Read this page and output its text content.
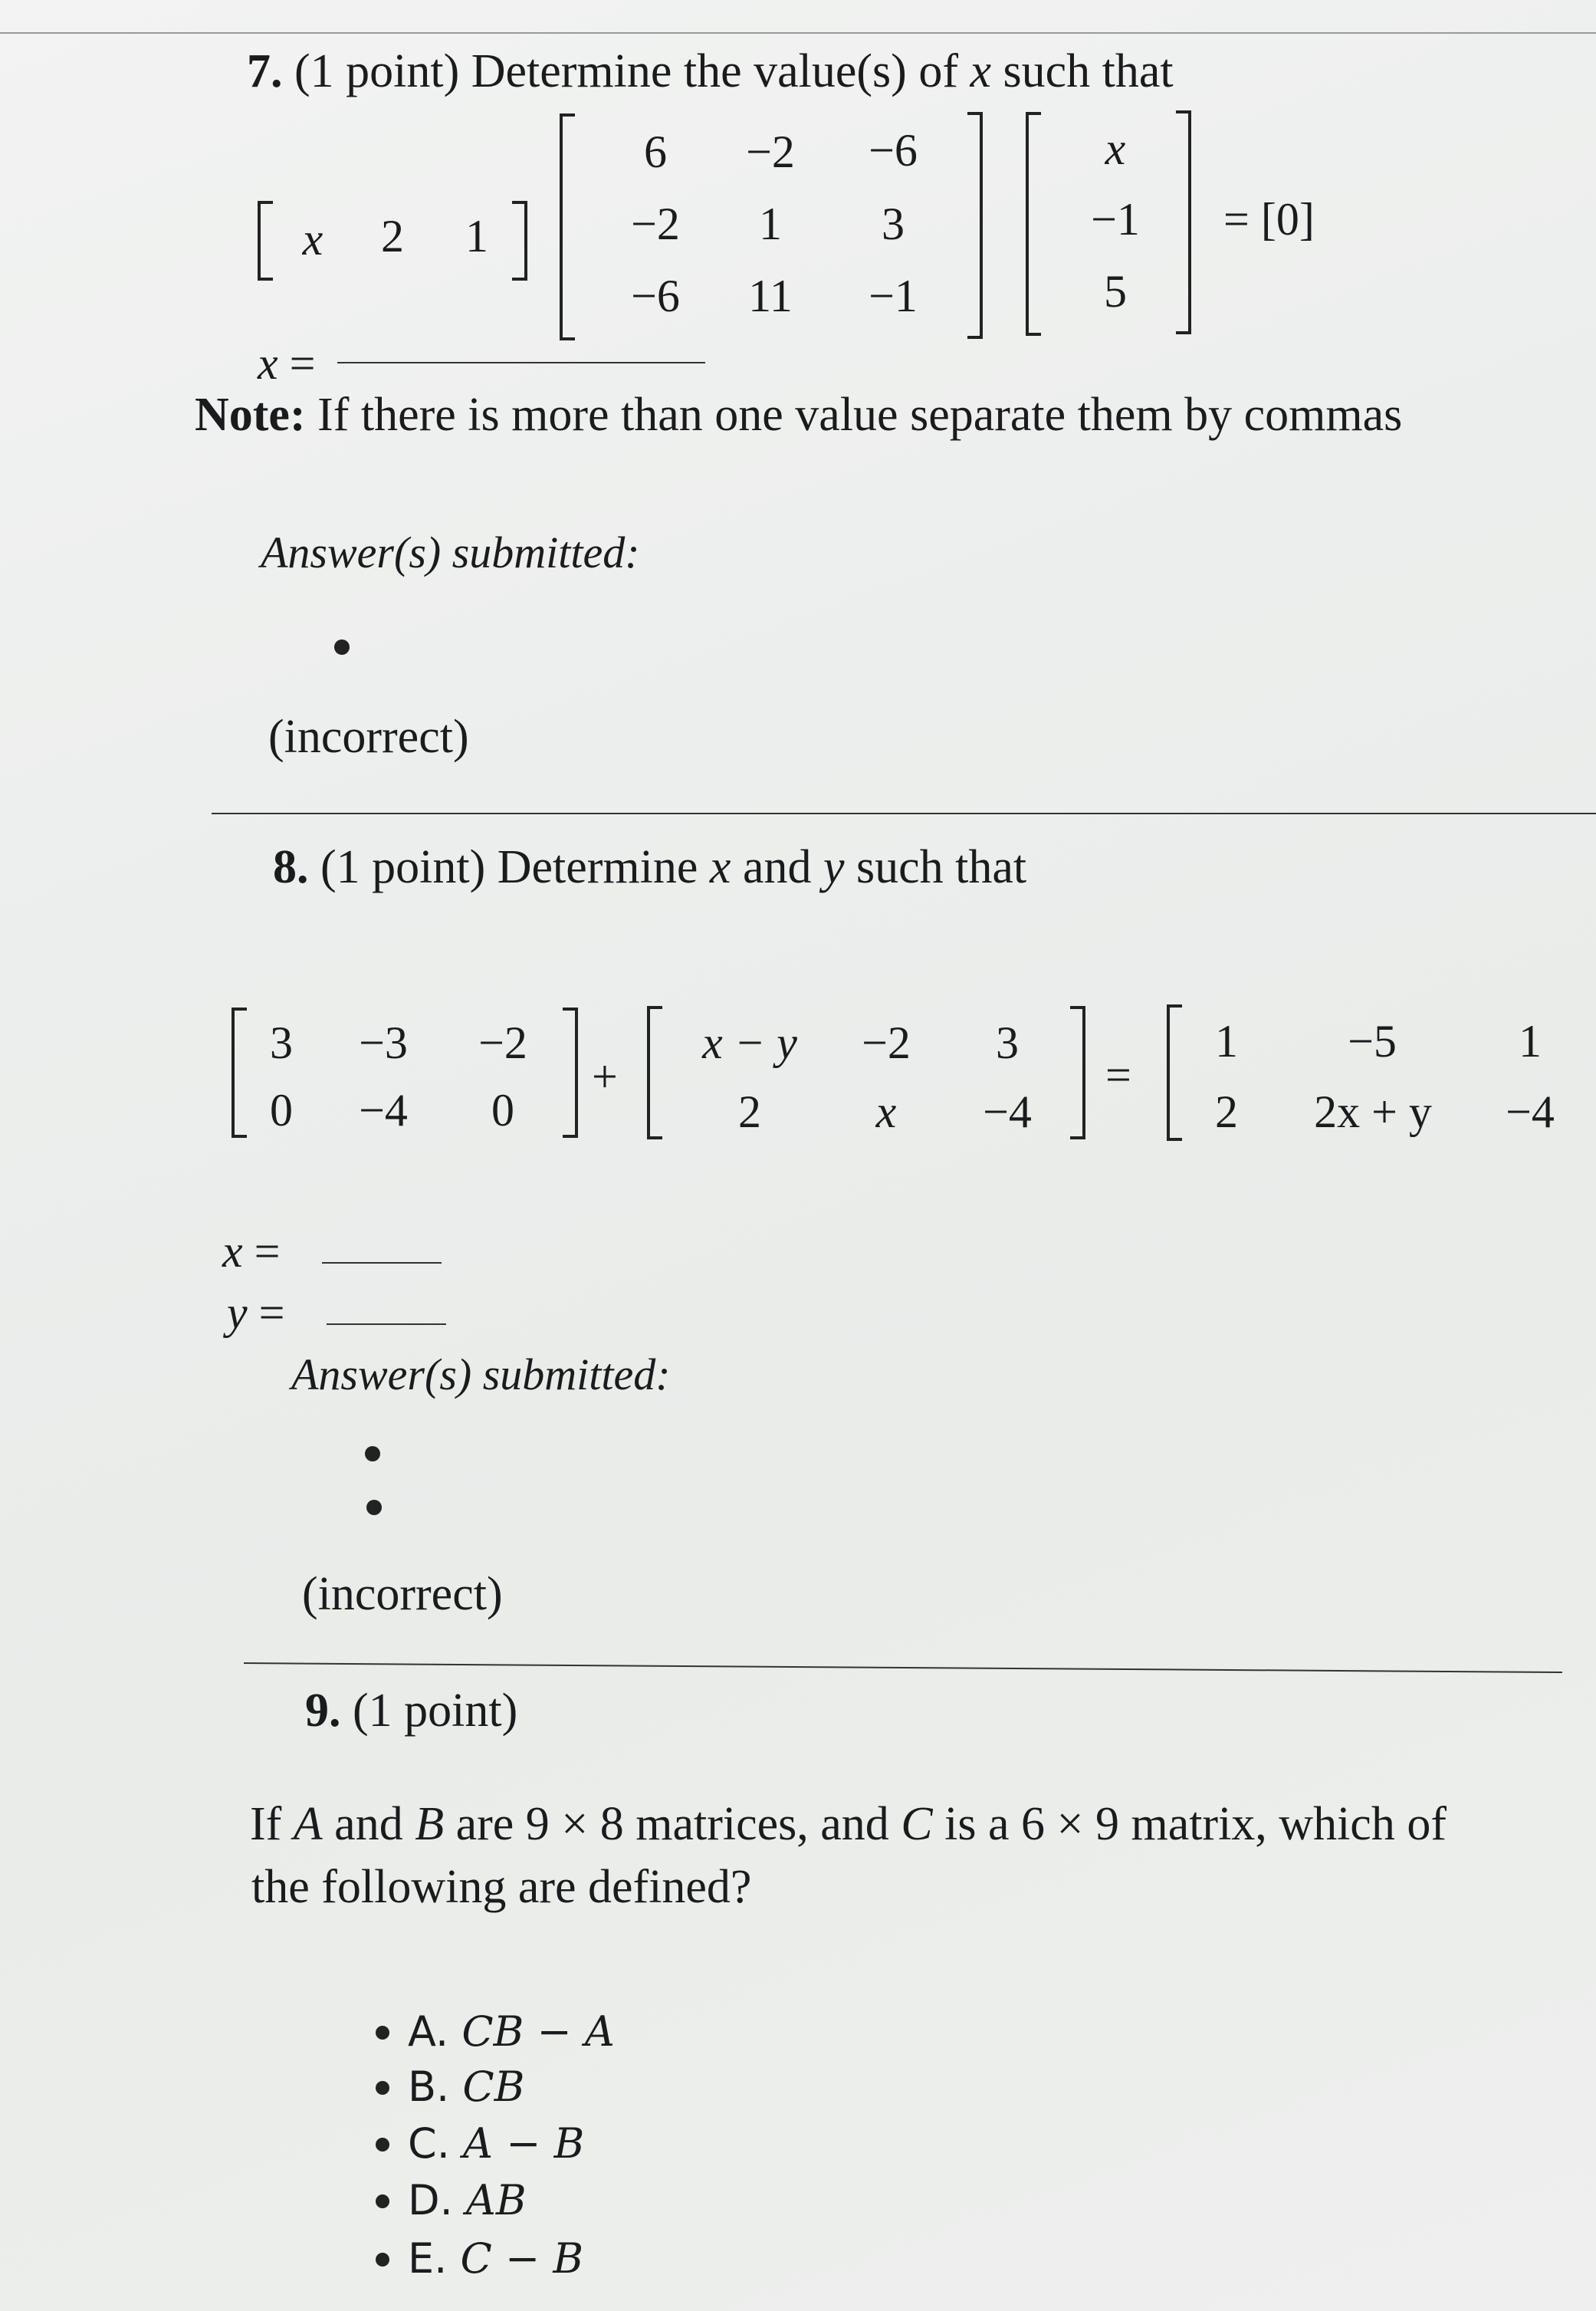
7. (1 point) Determine the value(s) of x such that
x 2 1
6	−2	−6
−2	1	3
−6	11	−1
x
−1
5
= [0]
x =
Note: If there is more than one value separate them by commas
Answer(s) submitted:
(incorrect)
8. (1 point) Determine x and y such that
3	−3	−2
0	−4	0
+
x − y	−2	3
2	x	−4
=
1	−5	1
2	2x + y	−4
x =
y =
Answer(s) submitted:
(incorrect)
9. (1 point)
If A and B are 9 × 8 matrices, and C is a 6 × 9 matrix, which of
the following are defined?
A. CB − A
B. CB
C. A − B
D. AB
E. C − B
